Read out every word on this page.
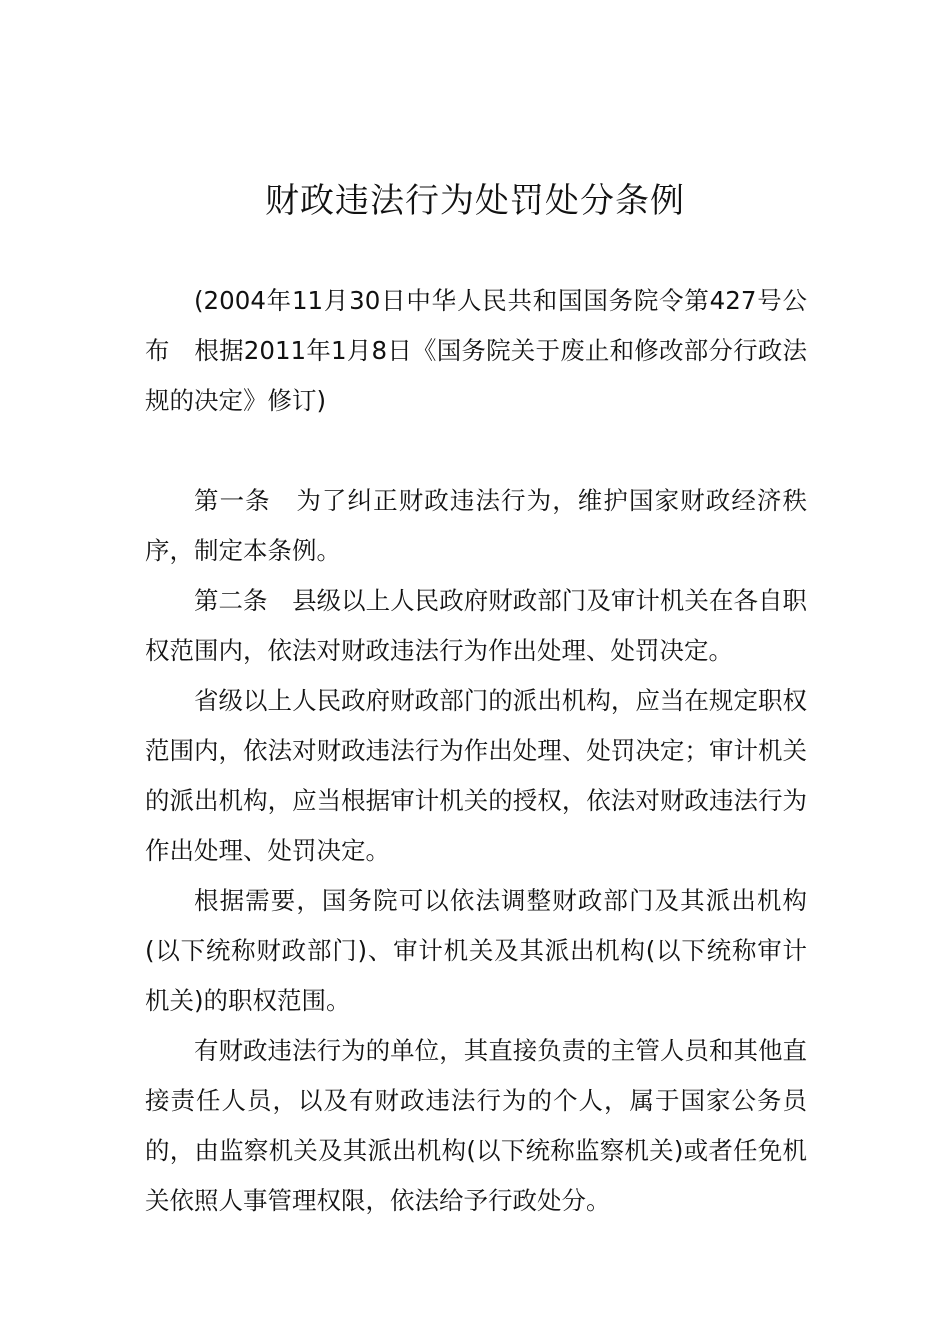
财政违法行为处罚处分条例

(2004年11月30日中华人民共和国国务院令第427号公布　根据2011年1月8日《国务院关于废止和修改部分行政法规的决定》修订)

第一条　为了纠正财政违法行为，维护国家财政经济秩序，制定本条例。

第二条　县级以上人民政府财政部门及审计机关在各自职权范围内，依法对财政违法行为作出处理、处罚决定。

省级以上人民政府财政部门的派出机构，应当在规定职权范围内，依法对财政违法行为作出处理、处罚决定；审计机关的派出机构，应当根据审计机关的授权，依法对财政违法行为作出处理、处罚决定。

根据需要，国务院可以依法调整财政部门及其派出机构(以下统称财政部门)、审计机关及其派出机构(以下统称审计机关)的职权范围。

有财政违法行为的单位，其直接负责的主管人员和其他直接责任人员，以及有财政违法行为的个人，属于国家公务员的，由监察机关及其派出机构(以下统称监察机关)或者任免机关依照人事管理权限，依法给予行政处分。
